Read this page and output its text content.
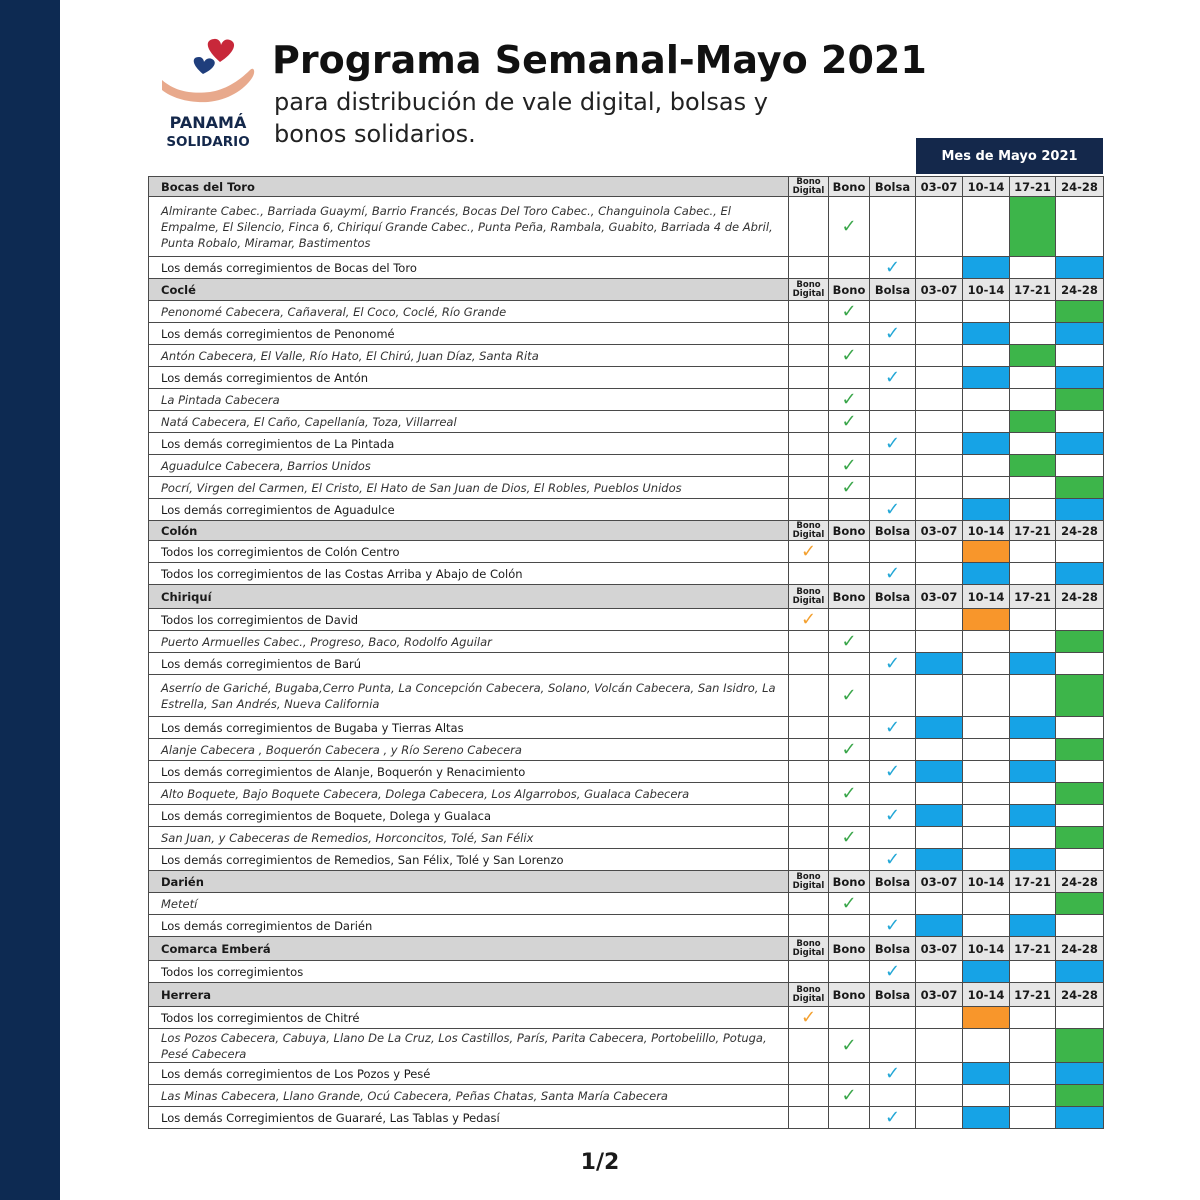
PANAMÁ
SOLIDARIO
Programa Semanal-Mayo 2021
para distribución de vale digital, bolsas y
bonos solidarios.
Mes de Mayo 2021
Bocas del Toro	Bono Digital	Bono	Bolsa	03-07	10-14	17-21	24-28
Almirante Cabec., Barriada Guaymí, Barrio Francés, Bocas Del Toro Cabec., Changuinola Cabec., El Empalme, El Silencio, Finca 6, Chiriquí Grande Cabec., Punta Peña, Rambala, Guabito, Barriada 4 de Abril, Punta Robalo, Miramar, Bastimentos		✓					
Los demás corregimientos de Bocas del Toro			✓				
Coclé	Bono Digital	Bono	Bolsa	03-07	10-14	17-21	24-28
Penonomé Cabecera, Cañaveral, El Coco, Coclé, Río Grande		✓					
Los demás corregimientos de Penonomé			✓				
Antón Cabecera, El Valle, Río Hato, El Chirú, Juan Díaz, Santa Rita		✓					
Los demás corregimientos de Antón			✓				
La Pintada Cabecera		✓					
Natá Cabecera, El Caño, Capellanía, Toza, Villarreal		✓					
Los demás corregimientos de La Pintada			✓				
Aguadulce Cabecera, Barrios Unidos		✓					
Pocrí, Virgen del Carmen, El Cristo, El Hato de San Juan de Dios, El Robles, Pueblos Unidos		✓					
Los demás corregimientos de Aguadulce			✓				
Colón	Bono Digital	Bono	Bolsa	03-07	10-14	17-21	24-28
Todos los corregimientos de Colón Centro	✓						
Todos los corregimientos de las Costas Arriba y Abajo de Colón			✓				
Chiriquí	Bono Digital	Bono	Bolsa	03-07	10-14	17-21	24-28
Todos los corregimientos de David	✓						
Puerto Armuelles Cabec., Progreso, Baco, Rodolfo Aguilar		✓					
Los demás corregimientos de Barú			✓				
Aserrío de Gariché, Bugaba,Cerro Punta, La Concepción Cabecera, Solano, Volcán Cabecera, San Isidro, La Estrella, San Andrés, Nueva California		✓					
Los demás corregimientos de Bugaba y Tierras Altas			✓				
Alanje Cabecera , Boquerón Cabecera , y Río Sereno Cabecera		✓					
Los demás corregimientos de Alanje, Boquerón y Renacimiento			✓				
Alto Boquete, Bajo Boquete Cabecera, Dolega Cabecera, Los Algarrobos, Gualaca Cabecera		✓					
Los demás corregimientos de Boquete, Dolega y Gualaca			✓				
San Juan, y Cabeceras de Remedios, Horconcitos, Tolé, San Félix		✓					
Los demás corregimientos de Remedios, San Félix, Tolé y San Lorenzo			✓				
Darién	Bono Digital	Bono	Bolsa	03-07	10-14	17-21	24-28
Metetí		✓					
Los demás corregimientos de Darién			✓				
Comarca Emberá	Bono Digital	Bono	Bolsa	03-07	10-14	17-21	24-28
Todos los corregimientos			✓				
Herrera	Bono Digital	Bono	Bolsa	03-07	10-14	17-21	24-28
Todos los corregimientos de Chitré	✓						
Los Pozos Cabecera, Cabuya, Llano De La Cruz, Los Castillos, París, Parita Cabecera, Portobelillo, Potuga, Pesé Cabecera		✓					
Los demás corregimientos de Los Pozos y Pesé			✓				
Las Minas Cabecera, Llano Grande, Ocú Cabecera, Peñas Chatas, Santa María Cabecera		✓					
Los demás Corregimientos de Guararé, Las Tablas y Pedasí			✓				
1/2
